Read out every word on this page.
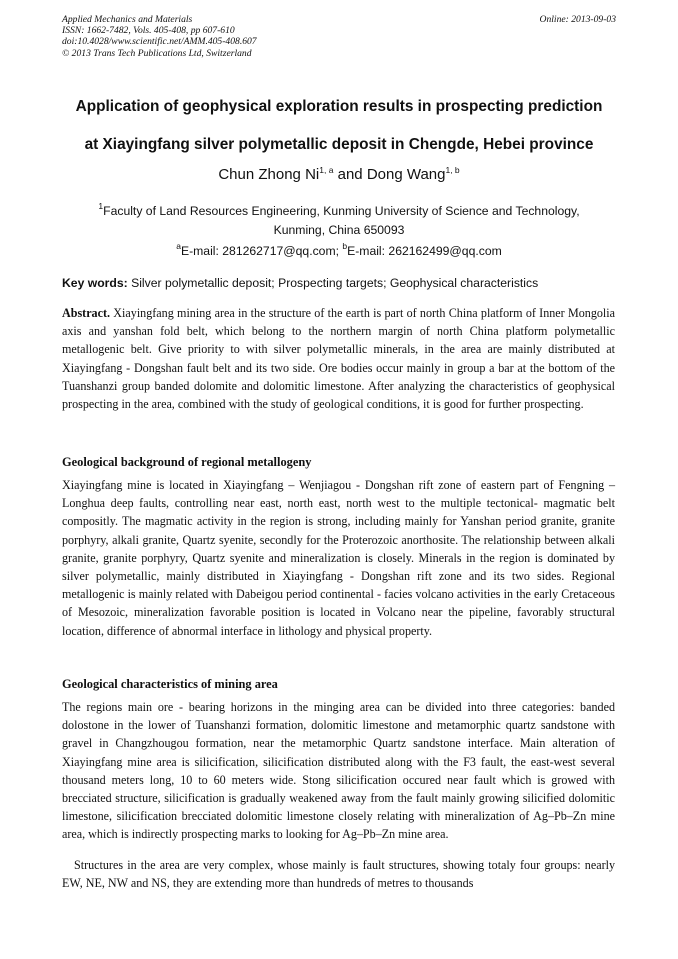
Applied Mechanics and Materials
ISSN: 1662-7482, Vols. 405-408, pp 607-610
doi:10.4028/www.scientific.net/AMM.405-408.607
© 2013 Trans Tech Publications Ltd, Switzerland
Online: 2013-09-03
Application of geophysical exploration results in prospecting prediction
at Xiayingfang silver polymetallic deposit in Chengde, Hebei province
Chun Zhong Ni$^{1, a}$ and Dong Wang$^{1, b}$
$^1$Faculty of Land Resources Engineering, Kunming University of Science and Technology,
Kunming, China 650093
$^a$E-mail: 281262717@qq.com; $^b$E-mail: 262162499@qq.com
Key words: Silver polymetallic deposit; Prospecting targets; Geophysical characteristics
Abstract. Xiayingfang mining area in the structure of the earth is part of north China platform of Inner Mongolia axis and yanshan fold belt, which belong to the northern margin of north China platform polymetallic metallogenic belt. Give priority to with silver polymetallic minerals, in the area are mainly distributed at Xiayingfang - Dongshan fault belt and its two side. Ore bodies occur mainly in group a bar at the bottom of the Tuanshanzi group banded dolomite and dolomitic limestone. After analyzing the characteristics of geophysical prospecting in the area, combined with the study of geological conditions, it is good for further prospecting.
Geological background of regional metallogeny
Xiayingfang mine is located in Xiayingfang – Wenjiagou - Dongshan rift zone of eastern part of Fengning – Longhua deep faults, controlling near east, north east, north west to the multiple tectonical- magmatic belt compositly. The magmatic activity in the region is strong, including mainly for Yanshan period granite, granite porphyry, alkali granite, Quartz syenite, secondly for the Proterozoic anorthosite. The relationship between alkali granite, granite porphyry, Quartz syenite and mineralization is closely. Minerals in the region is dominated by silver polymetallic, mainly distributed in Xiayingfang - Dongshan rift zone and its two sides. Regional metallogenic is mainly related with Dabeigou period continental - facies volcano activities in the early Cretaceous of Mesozoic, mineralization favorable position is located in Volcano near the pipeline, favorably structural location, difference of abnormal interface in lithology and physical property.
Geological characteristics of mining area
The regions main ore - bearing horizons in the minging area can be divided into three categories: banded dolostone in the lower of Tuanshanzi formation, dolomitic limestone and metamorphic quartz sandstone with gravel in Changzhougou formation, near the metamorphic Quartz sandstone interface. Main alteration of Xiayingfang mine area is silicification, silicification distributed along with the F3 fault, the east-west several thousand meters long, 10 to 60 meters wide. Stong silicification occured near fault which is growed with brecciated structure, silicification is gradually weakened away from the fault mainly growing silicified dolomitic limestone, silicification brecciated dolomitic limestone closely relating with mineralization of Ag–Pb–Zn mine area, which is indirectly prospecting marks to looking for Ag–Pb–Zn mine area.
Structures in the area are very complex, whose mainly is fault structures, showing totaly four groups: nearly EW, NE, NW and NS, they are extending more than hundreds of metres to thousands
